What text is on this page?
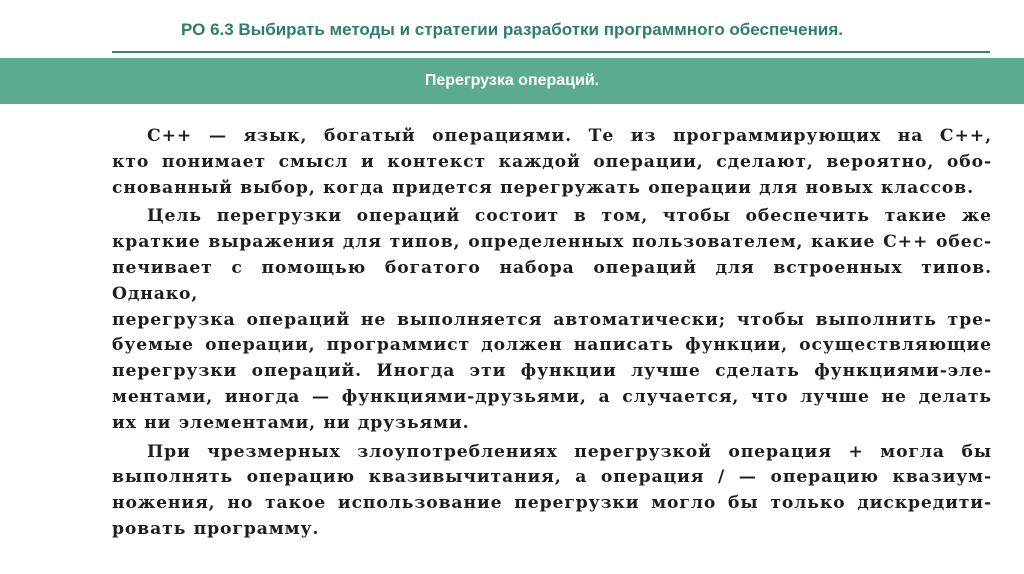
РО 6.3 Выбирать методы и стратегии разработки программного обеспечения.
Перегрузка операций.

С++ — язык, богатый операциями. Те из программирующих на С++,
кто понимает смысл и контекст каждой операции, сделают, вероятно, обо-
снованный выбор, когда придется перегружать операции для новых классов.

Цель перегрузки операций состоит в том, чтобы обеспечить такие же
краткие выражения для типов, определенных пользователем, какие С++ обес-
печивает с помощью богатого набора операций для встроенных типов. Однако,
перегрузка операций не выполняется автоматически; чтобы выполнить тре-
буемые операции, программист должен написать функции, осуществляющие
перегрузки операций. Иногда эти функции лучше сделать функциями-эле-
ментами, иногда — функциями-друзьями, а случается, что лучше не делать
их ни элементами, ни друзьями.

При чрезмерных злоупотреблениях перегрузкой операция + могла бы
выполнять операцию квазивычитания, а операция / — операцию квазиум-
ножения, но такое использование перегрузки могло бы только дискредити-
ровать программу.
